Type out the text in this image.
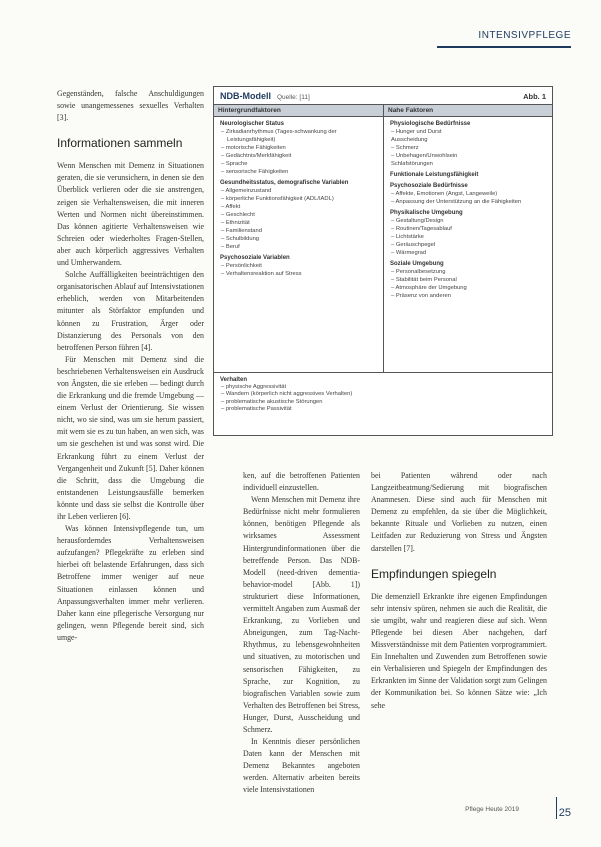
INTENSIVPFLEGE

Gegenständen, falsche Anschuldigungen sowie unangemessenes sexuelles Verhalten [3].

Informationen sammeln

Wenn Menschen mit Demenz in Situationen geraten, die sie verunsichern, in denen sie den Überblick verlieren oder die sie anstrengen, zeigen sie Verhaltensweisen, die mit inneren Werten und Normen nicht übereinstimmen. Das können agitierte Verhaltensweisen wie Schreien oder wiederholtes Fragen-Stellen, aber auch körperlich aggressives Verhalten und Umherwandern.

Solche Auffälligkeiten beeinträchtigen den organisatorischen Ablauf auf Intensivstationen erheblich, werden von Mitarbeitenden mitunter als Störfaktor empfunden und können zu Frustration, Ärger oder Distanzierung des Personals von den betroffenen Person führen [4].

Für Menschen mit Demenz sind die beschriebenen Verhaltensweisen ein Ausdruck von Ängsten, die sie erleben — bedingt durch die Erkrankung und die fremde Umgebung — einem Verlust der Orientierung. Sie wissen nicht, wo sie sind, was um sie herum passiert, mit wem sie es zu tun haben, an wen sich, was um sie geschehen ist und was sonst wird. Die Erkrankung führt zu einem Verlust der Vergangenheit und Zukunft [5]. Daher können die Schritt, dass die Umgebung die entstandenen Leistungsausfälle bemerken könnte und dass sie selbst die Kontrolle über ihr Leben verlieren [6].

Was können Intensivpflegende tun, um herausforderndes Verhaltensweisen aufzufangen? Pflegekräfte zu erleben sind hierbei oft belastende Erfahrungen, dass sich Betroffene immer weniger auf neue Situationen einlassen können und Anpassungsverhalten immer mehr verlieren. Daher kann eine pflegerische Versorgung nur gelingen, wenn Pflegende bereit sind, sich umge-

NDB-Modell Quelle: [11]	Abb. 1
Hintergrundfaktoren
Neurologischer Status
– Zirkadianrhythmus (Tages-schwankung der Leistungsfähigkeit)
– motorische Fähigkeiten
– Gedächtnis/Merkfähigkeit
– Sprache
– sensorische Fähigkeiten
Gesundheitsstatus, demografische Variablen
– Allgemeinzustand
– körperliche Funktionsfähigkeit (ADL/IADL)
– Affekt
– Geschlecht
– Ethnizität
– Familienstand
– Schulbildung
– Beruf
Psychosoziale Variablen
– Persönlichkeit
– Verhaltensreaktion auf Stress
Nahe Faktoren
Physiologische Bedürfnisse
– Hunger und Durst
Ausscheidung
– Schmerz
– Unbehagen/Unwohlsein
Schlafstörungen
Funktionale Leistungsfähigkeit
Psychosoziale Bedürfnisse
– Affekte, Emotionen (Angst, Langeweile)
– Anpassung der Unterstützung an die Fähigkeiten
Physikalische Umgebung
– Gestaltung/Design
– Routinen/Tagesablauf
– Lichtstärke
– Geräuschpegel
– Wärmegrad
Soziale Umgebung
– Personalbesetzung
– Stabilität beim Personal
– Atmosphäre der Umgebung
– Präsenz von anderen
Verhalten
– physische Aggressivität
– Wandern (körperlich nicht aggressives Verhalten)
– problematische akustische Störungen
– problematische Passivität

ken, auf die betroffenen Patienten individuell einzustellen.

Wenn Menschen mit Demenz ihre Bedürfnisse nicht mehr formulieren können, benötigen Pflegende als wirksames Assessment Hintergrundinformationen über die betreffende Person. Das NDB-Modell (need-driven dementia-behavior-model [Abb. 1]) strukturiert diese Informationen, vermittelt Angaben zum Ausmaß der Erkrankung, zu Vorlieben und Abneigungen, zum Tag-Nacht-Rhythmus, zu lebensgewohnheiten und situativen, zu motorischen und sensorischen Fähigkeiten, zu Sprache, zur Kognition, zu biografischen Variablen sowie zum Verhalten des Betroffenen bei Stress, Hunger, Durst, Ausscheidung und Schmerz.

In Kenntnis dieser persönlichen Daten kann der Menschen mit Demenz Bekanntes angeboten werden. Alternativ arbeiten bereits viele Intensivstationen

bei Patienten während oder nach Langzeitbeatmung/Sedierung mit biografischen Anamnesen. Diese sind auch für Menschen mit Demenz zu empfehlen, da sie über die Möglichkeit, bekannte Rituale und Vorlieben zu nutzen, einen Leitfaden zur Reduzierung von Stress und Ängsten darstellen [7].

Empfindungen spiegeln

Die demenziell Erkrankte ihre eigenen Empfindungen sehr intensiv spüren, nehmen sie auch die Realität, die sie umgibt, wahr und reagieren diese auf sich. Wenn Pflegende bei diesen Aber nachgehen, darf Missverständnisse mit dem Patienten vorprogrammiert. Ein Innehalten und Zuwenden zum Betroffenen sowie ein Verbalisieren und Spiegeln der Empfindungen des Erkrankten im Sinne der Validation sorgt zum Gelingen der Kommunikation bei. So können Sätze wie: „Ich sehe

Pflege Heute 2019	25
